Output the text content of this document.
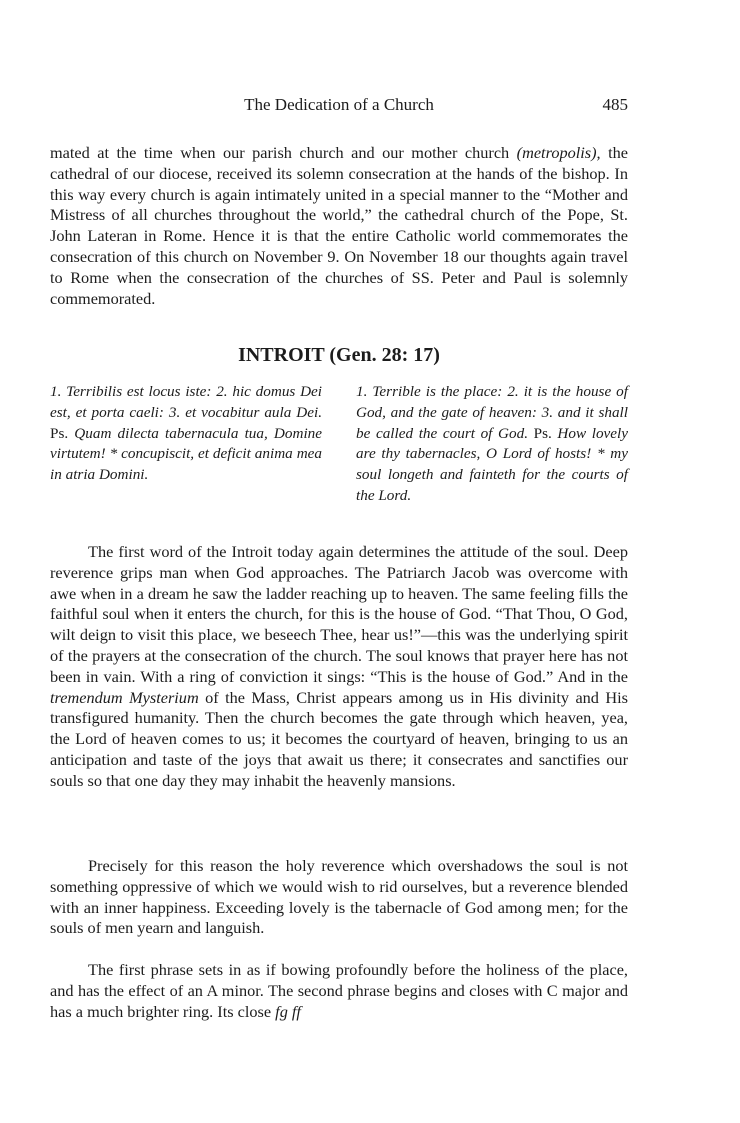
The Dedication of a Church	485

mated at the time when our parish church and our mother church (metropolis), the cathedral of our diocese, received its solemn consecration at the hands of the bishop. In this way every church is again intimately united in a special manner to the “Mother and Mistress of all churches throughout the world,” the cathedral church of the Pope, St. John Lateran in Rome. Hence it is that the entire Catholic world commemorates the consecration of this church on November 9. On November 18 our thoughts again travel to Rome when the consecration of the churches of SS. Peter and Paul is solemnly commemorated.

INTROIT (Gen. 28: 17)

1. Terribilis est locus iste: 2. hic domus Dei est, et porta caeli: 3. et vocabitur aula Dei. Ps. Quam dilecta tabernacula tua, Domine virtutem! * concupiscit, et deficit anima mea in atria Domini.

1. Terrible is the place: 2. it is the house of God, and the gate of heaven: 3. and it shall be called the court of God. Ps. How lovely are thy tabernacles, O Lord of hosts! * my soul longeth and fainteth for the courts of the Lord.

The first word of the Introit today again determines the attitude of the soul. Deep reverence grips man when God approaches. The Patriarch Jacob was overcome with awe when in a dream he saw the ladder reaching up to heaven. The same feeling fills the faithful soul when it enters the church, for this is the house of God. “That Thou, O God, wilt deign to visit this place, we beseech Thee, hear us!”—this was the underlying spirit of the prayers at the consecration of the church. The soul knows that prayer here has not been in vain. With a ring of conviction it sings: “This is the house of God.” And in the tremendum Mysterium of the Mass, Christ appears among us in His divinity and His transfigured humanity. Then the church becomes the gate through which heaven, yea, the Lord of heaven comes to us; it becomes the courtyard of heaven, bringing to us an anticipation and taste of the joys that await us there; it consecrates and sanctifies our souls so that one day they may inhabit the heavenly mansions.

Precisely for this reason the holy reverence which overshadows the soul is not something oppressive of which we would wish to rid ourselves, but a reverence blended with an inner happiness. Exceeding lovely is the tabernacle of God among men; for the souls of men yearn and languish.

The first phrase sets in as if bowing profoundly before the holiness of the place, and has the effect of an A minor. The second phrase begins and closes with C major and has a much brighter ring. Its close fg ff
